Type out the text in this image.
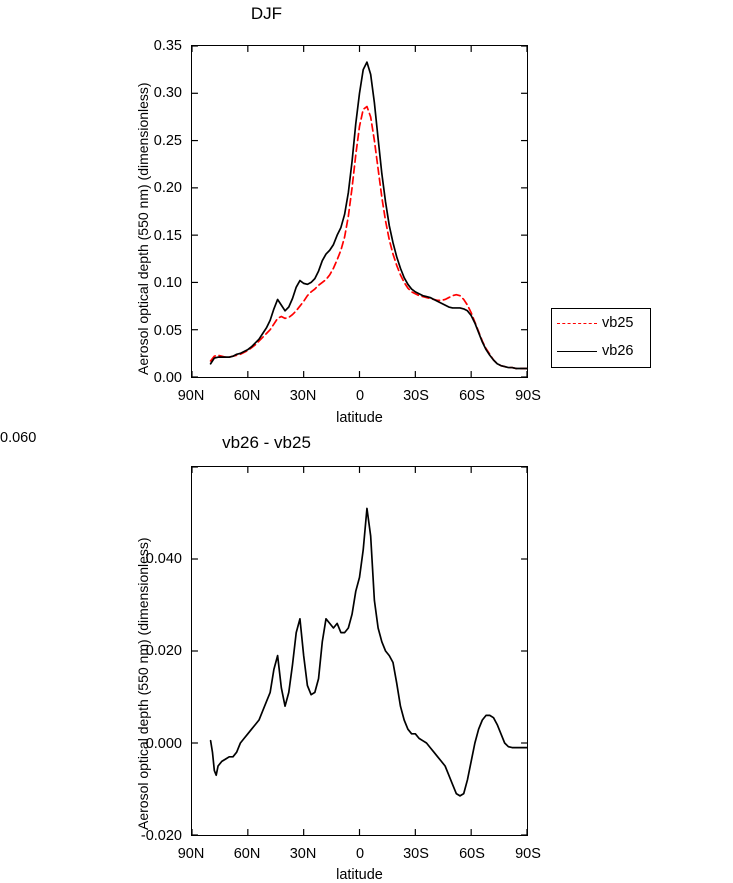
DJF
Aerosol optical depth (550 nm) (dimensionless)
0.35
0.30
0.25
0.20
0.15
0.10
0.05
0.00
90N	60N	30N	0	30S	60S	90S
latitude
vb25
vb26
vb26 - vb25
Aerosol optical depth (550 nm) (dimensionless)
0.060
0.040
0.020
0.000
-0.020
90N	60N	30N	0	30S	60S	90S
latitude
